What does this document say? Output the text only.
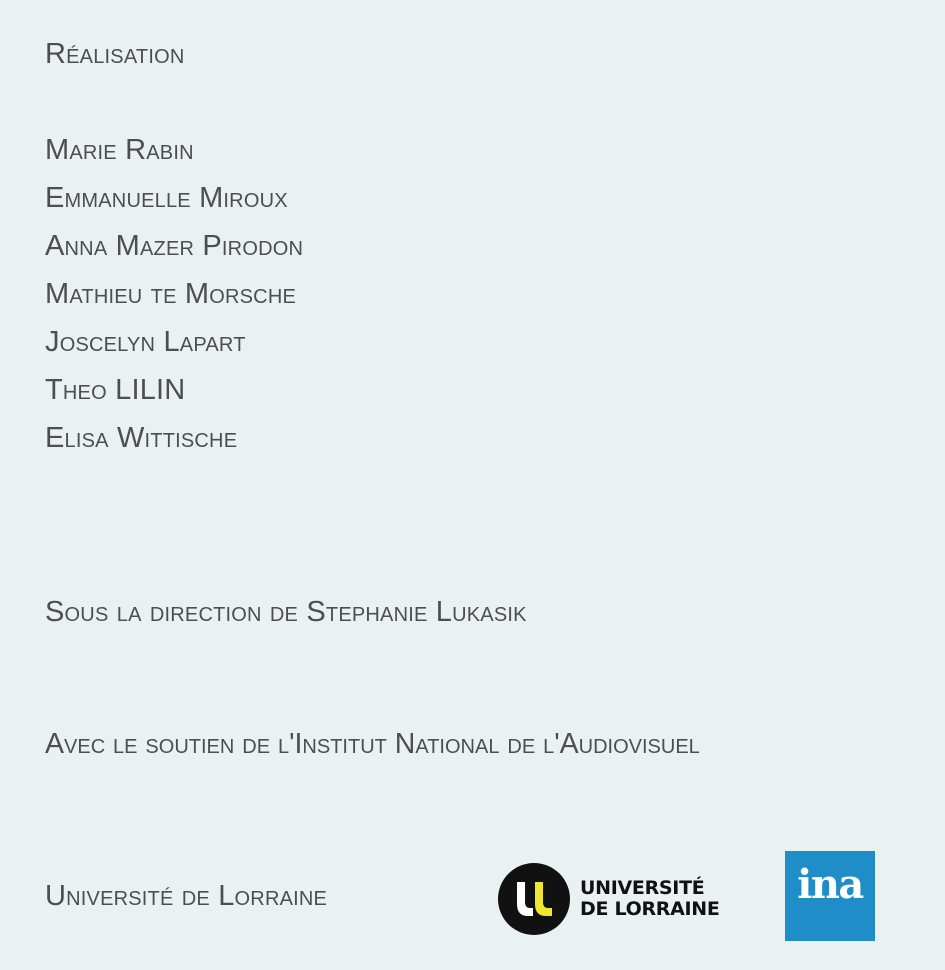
Réalisation
Marie Rabin
Emmanuelle Miroux
Anna Mazer Pirodon
Mathieu te Morsche
Joscelyn Lapart
Theo LILIN
Elisa Wittische

Sous la direction de Stephanie Lukasik

Avec le soutien de l'Institut National de l'Audiovisuel

Université de Lorraine	UNIVERSITÉ
DE LORRAINE
ina
